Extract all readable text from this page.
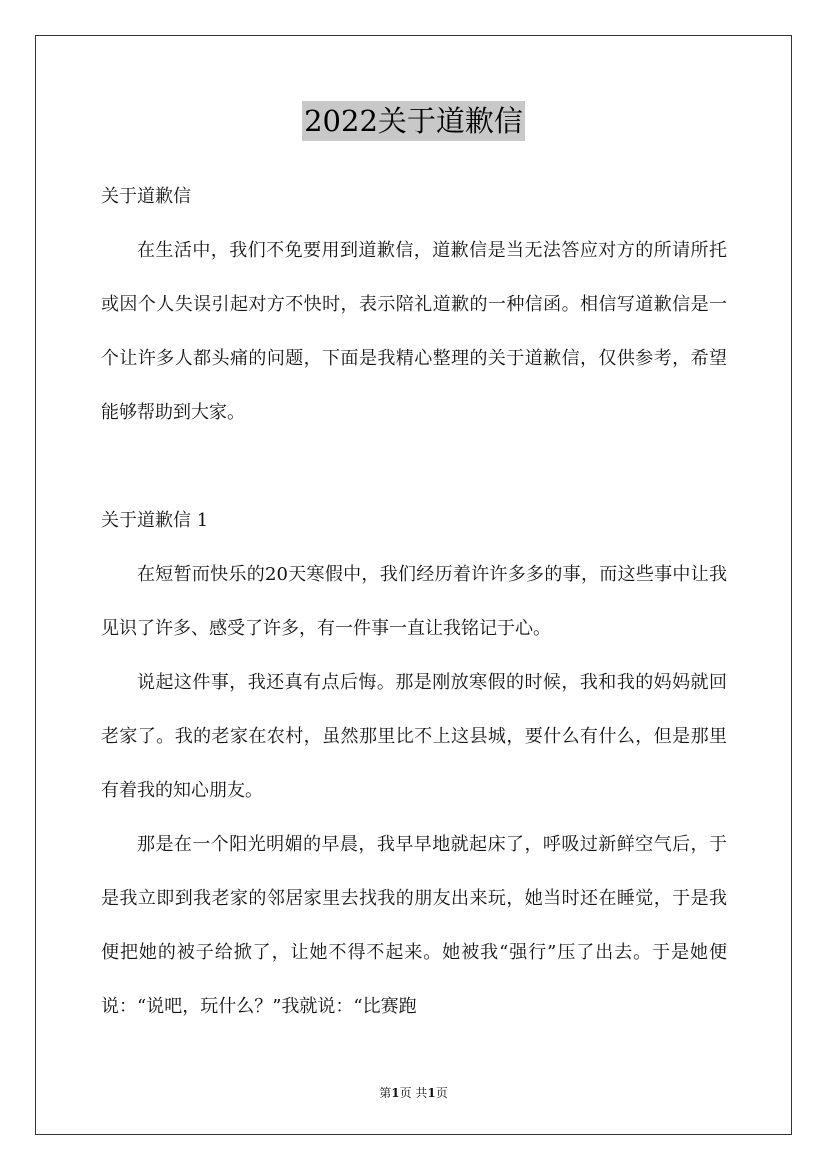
2022关于道歉信

关于道歉信

在生活中，我们不免要用到道歉信，道歉信是当无法答应对方的所请所托或因个人失误引起对方不快时，表示陪礼道歉的一种信函。相信写道歉信是一个让许多人都头痛的问题，下面是我精心整理的关于道歉信，仅供参考，希望能够帮助到大家。

关于道歉信 1

在短暂而快乐的20天寒假中，我们经历着许许多多的事，而这些事中让我见识了许多、感受了许多，有一件事一直让我铭记于心。

说起这件事，我还真有点后悔。那是刚放寒假的时候，我和我的妈妈就回老家了。我的老家在农村，虽然那里比不上这县城，要什么有什么，但是那里有着我的知心朋友。

那是在一个阳光明媚的早晨，我早早地就起床了，呼吸过新鲜空气后，于是我立即到我老家的邻居家里去找我的朋友出来玩，她当时还在睡觉，于是我便把她的被子给掀了，让她不得不起来。她被我“强行”压了出去。于是她便说：“说吧，玩什么？”我就说：“比赛跑

第1页 共1页
